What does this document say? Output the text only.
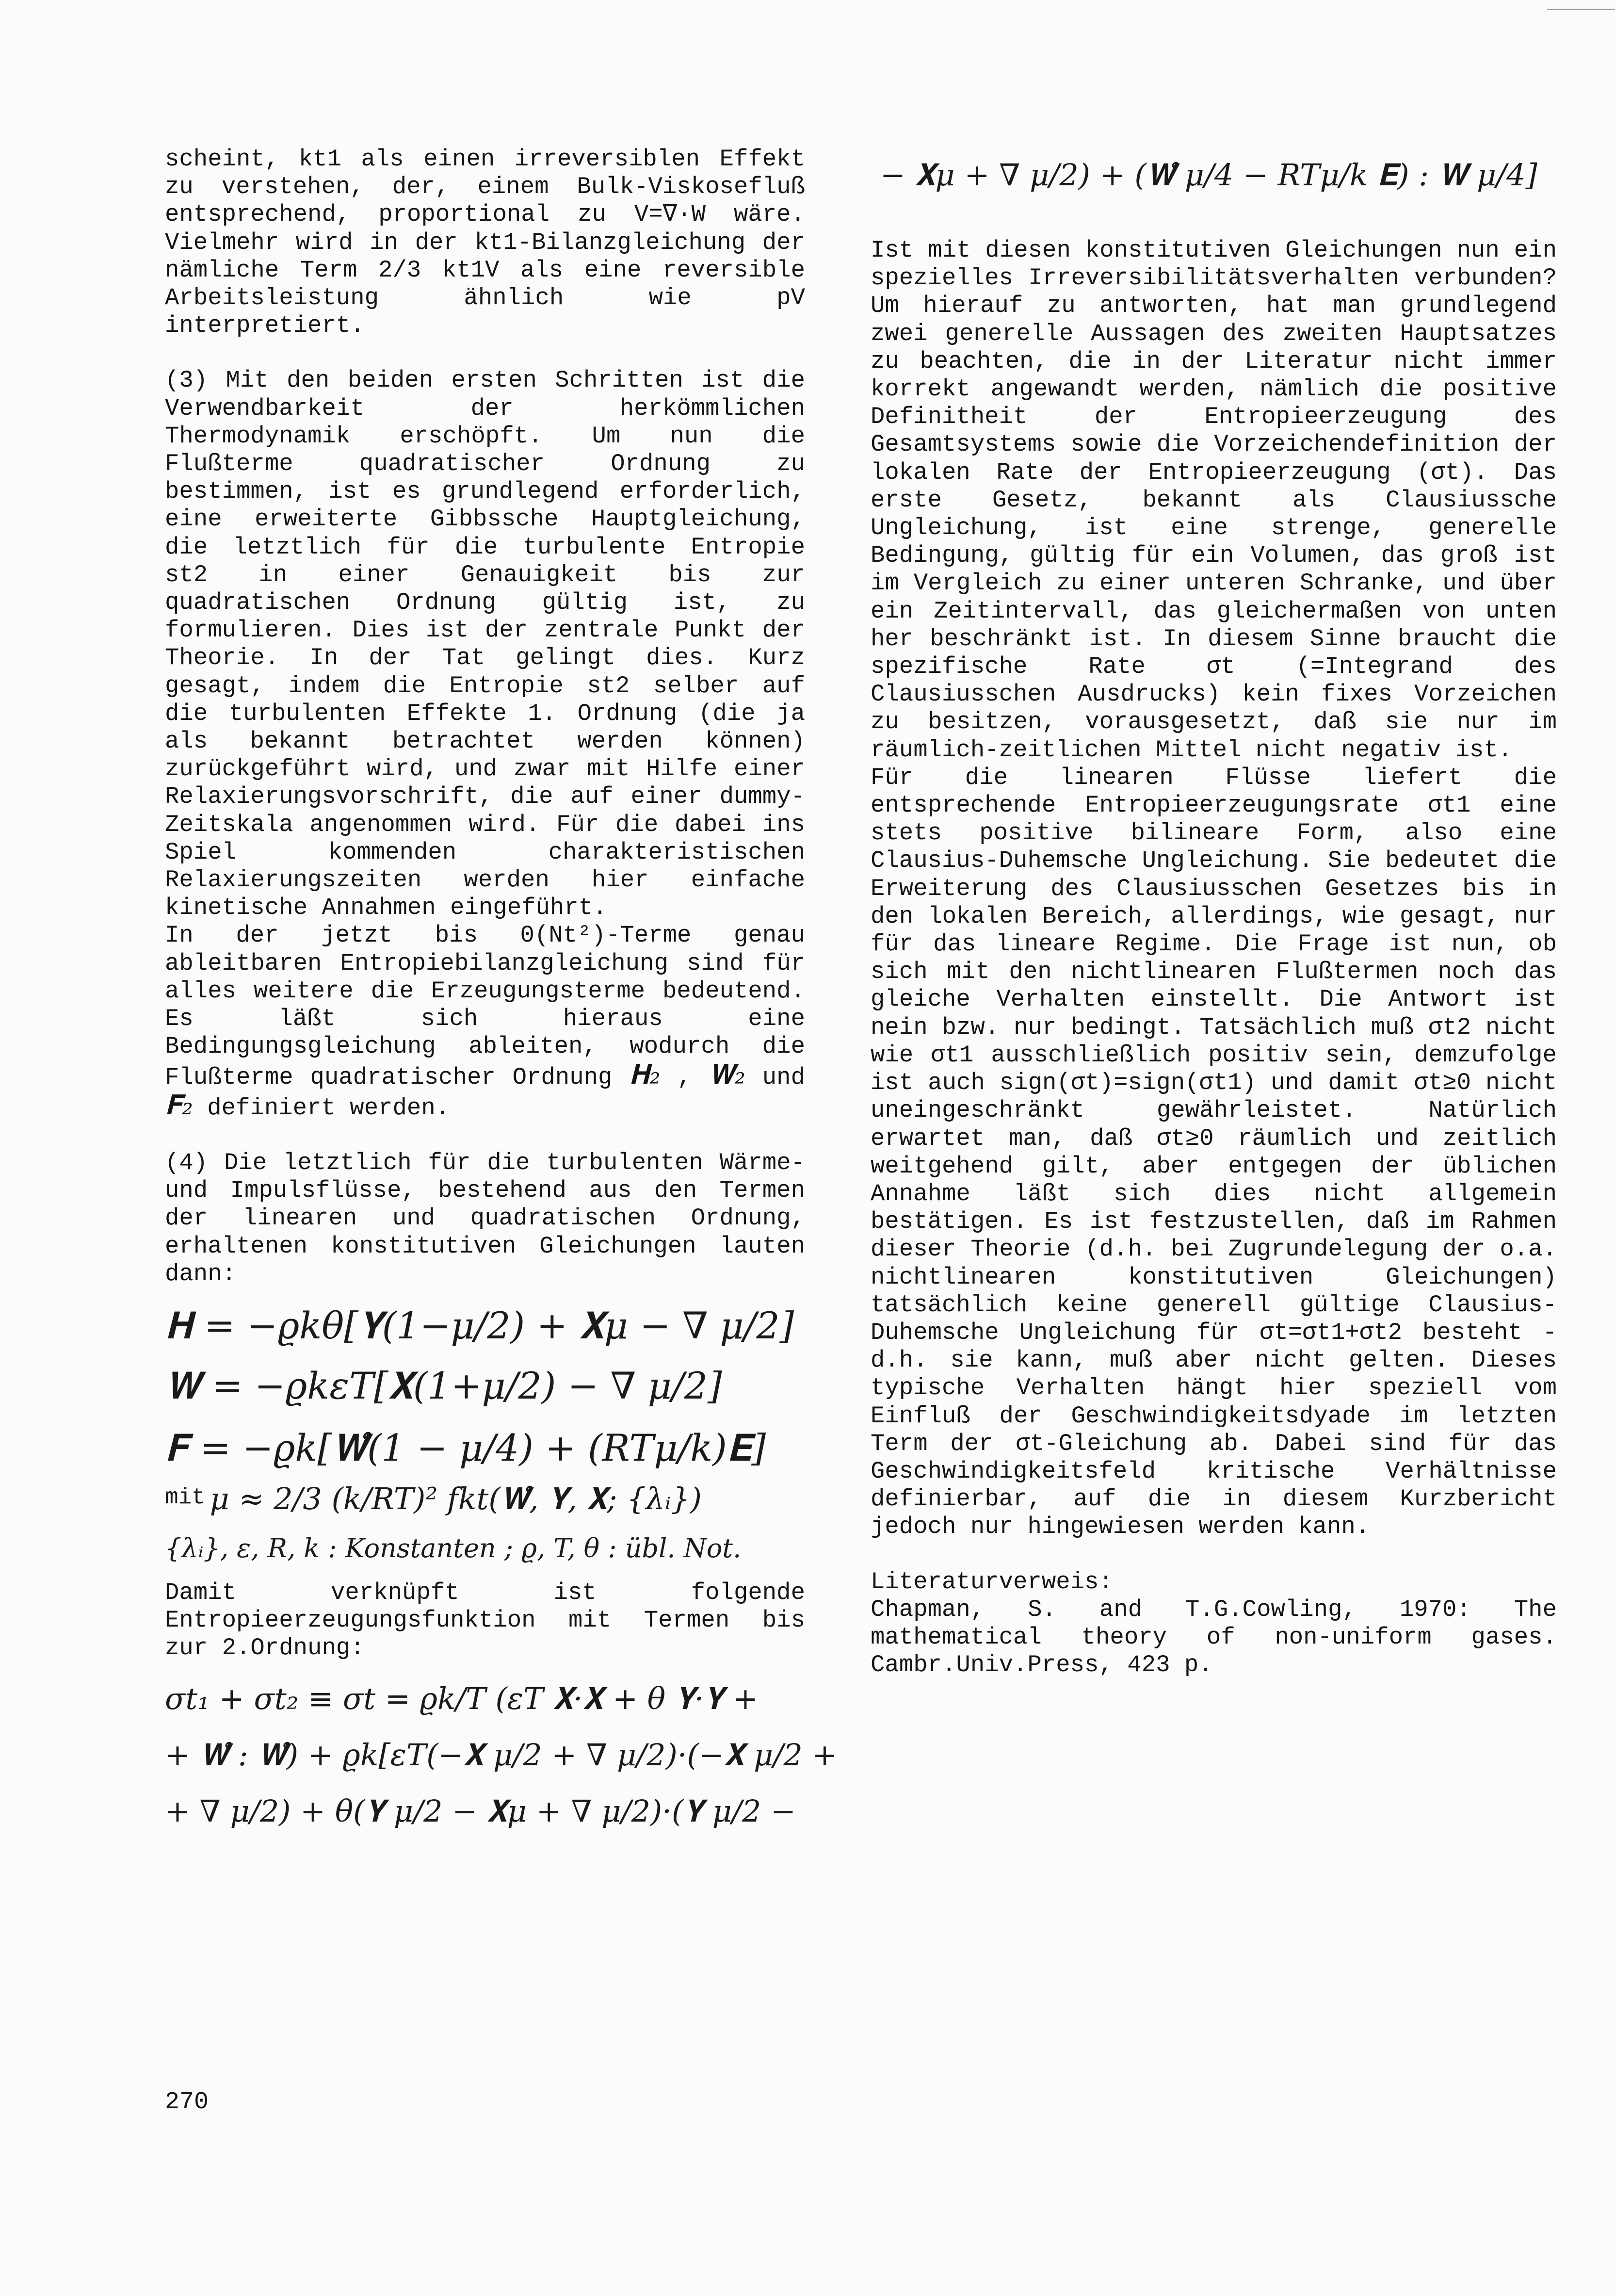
scheint, kt1 als einen irreversiblen Effekt zu verstehen, der, einem Bulk-Viskosefluß entsprechend, proportional zu V=∇·W wäre. Vielmehr wird in der kt1-Bilanzgleichung der nämliche Term 2/3 kt1V als eine reversible Arbeitsleistung ähnlich wie pV interpretiert.

(3) Mit den beiden ersten Schritten ist die Verwendbarkeit der herkömmlichen Thermodynamik erschöpft. Um nun die Flußterme quadratischer Ordnung zu bestimmen, ist es grundlegend erforderlich, eine erweiterte Gibbssche Hauptgleichung, die letztlich für die turbulente Entropie st2 in einer Genauigkeit bis zur quadratischen Ordnung gültig ist, zu formulieren. Dies ist der zentrale Punkt der Theorie. In der Tat gelingt dies. Kurz gesagt, indem die Entropie st2 selber auf die turbulenten Effekte 1. Ordnung (die ja als bekannt betrachtet werden können) zurückgeführt wird, und zwar mit Hilfe einer Relaxierungsvorschrift, die auf einer dummy-Zeitskala angenommen wird. Für die dabei ins Spiel kommenden charakteristischen Relaxierungszeiten werden hier einfache kinetische Annahmen eingeführt.

In der jetzt bis 0(Nt²)-Terme genau ableitbaren Entropiebilanzgleichung sind für alles weitere die Erzeugungsterme bedeutend. Es läßt sich hieraus eine Bedingungsgleichung ableiten, wodurch die Flußterme quadratischer Ordnung 𝐇₂ , 𝐖₂ und 𝐅₂ definiert werden.

(4) Die letztlich für die turbulenten Wärme- und Impulsflüsse, bestehend aus den Termen der linearen und quadratischen Ordnung, erhaltenen konstitutiven Gleichungen lauten dann:

𝐇 = −ϱkθ[𝐘(1−μ/2) + 𝐗μ − ∇ μ/2]
𝐖 = −ϱkεT[𝐗(1+μ/2) − ∇ μ/2]
𝐅 = −ϱk[𝐖̊(1 − μ/4) + (RTμ/k)𝐄]
mit μ ≈ 2/3 (k/RT)² fkt(𝐖̊, 𝐘, 𝐗; {λᵢ})
{λᵢ}, ε, R, k : Konstanten ; ϱ, T, θ : übl. Not.

Damit verknüpft ist folgende Entropieerzeugungsfunktion mit Termen bis zur 2.Ordnung:

σt₁ + σt₂ ≡ σt = ϱk/T (εT 𝐗·𝐗 + θ 𝐘·𝐘 +
+ 𝐖̊ : 𝐖̊) + ϱk[εT(−𝐗 μ/2 + ∇ μ/2)·(−𝐗 μ/2 +
+ ∇ μ/2) + θ(𝐘 μ/2 − 𝐗μ + ∇ μ/2)·(𝐘 μ/2 −
− 𝐗μ + ∇ μ/2) + (𝐖̊ μ/4 − RTμ/k 𝐄) : 𝐖 μ/4]

Ist mit diesen konstitutiven Gleichungen nun ein spezielles Irreversibilitätsverhalten verbunden? Um hierauf zu antworten, hat man grundlegend zwei generelle Aussagen des zweiten Hauptsatzes zu beachten, die in der Literatur nicht immer korrekt angewandt werden, nämlich die positive Definitheit der Entropieerzeugung des Gesamtsystems sowie die Vorzeichendefinition der lokalen Rate der Entropieerzeugung (σt). Das erste Gesetz, bekannt als Clausiussche Ungleichung, ist eine strenge, generelle Bedingung, gültig für ein Volumen, das groß ist im Vergleich zu einer unteren Schranke, und über ein Zeitintervall, das gleichermaßen von unten her beschränkt ist. In diesem Sinne braucht die spezifische Rate σt (=Integrand des Clausiusschen Ausdrucks) kein fixes Vorzeichen zu besitzen, vorausgesetzt, daß sie nur im räumlich-zeitlichen Mittel nicht negativ ist.

Für die linearen Flüsse liefert die entsprechende Entropieerzeugungsrate σt1 eine stets positive bilineare Form, also eine Clausius-Duhemsche Ungleichung. Sie bedeutet die Erweiterung des Clausiusschen Gesetzes bis in den lokalen Bereich, allerdings, wie gesagt, nur für das lineare Regime. Die Frage ist nun, ob sich mit den nichtlinearen Flußtermen noch das gleiche Verhalten einstellt. Die Antwort ist nein bzw. nur bedingt. Tatsächlich muß σt2 nicht wie σt1 ausschließlich positiv sein, demzufolge ist auch sign(σt)=sign(σt1) und damit σt≥0 nicht uneingeschränkt gewährleistet. Natürlich erwartet man, daß σt≥0 räumlich und zeitlich weitgehend gilt, aber entgegen der üblichen Annahme läßt sich dies nicht allgemein bestätigen. Es ist festzustellen, daß im Rahmen dieser Theorie (d.h. bei Zugrundelegung der o.a. nichtlinearen konstitutiven Gleichungen) tatsächlich keine generell gültige Clausius-Duhemsche Ungleichung für σt=σt1+σt2 besteht - d.h. sie kann, muß aber nicht gelten. Dieses typische Verhalten hängt hier speziell vom Einfluß der Geschwindigkeitsdyade im letzten Term der σt-Gleichung ab. Dabei sind für das Geschwindigkeitsfeld kritische Verhältnisse definierbar, auf die in diesem Kurzbericht jedoch nur hingewiesen werden kann.

Literaturverweis:

Chapman, S. and T.G.Cowling, 1970: The mathematical theory of non-uniform gases. Cambr.Univ.Press, 423 p.

270
